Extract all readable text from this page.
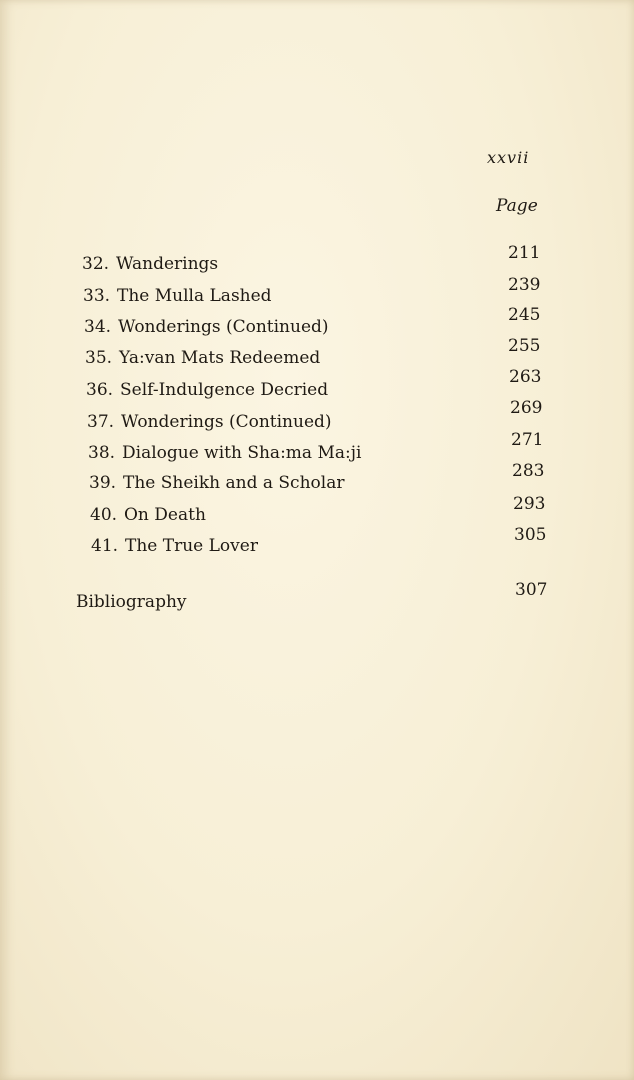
xxvii
Page
32. Wanderings
211
33. The Mulla Lashed
239
34. Wonderings (Continued)
245
35. Ya:van Mats Redeemed
255
36. Self-Indulgence Decried
263
37. Wonderings (Continued)
269
38. Dialogue with Sha:ma Ma:ji
271
39. The Sheikh and a Scholar
283
40. On Death
293
41. The True Lover
305
Bibliography
307
